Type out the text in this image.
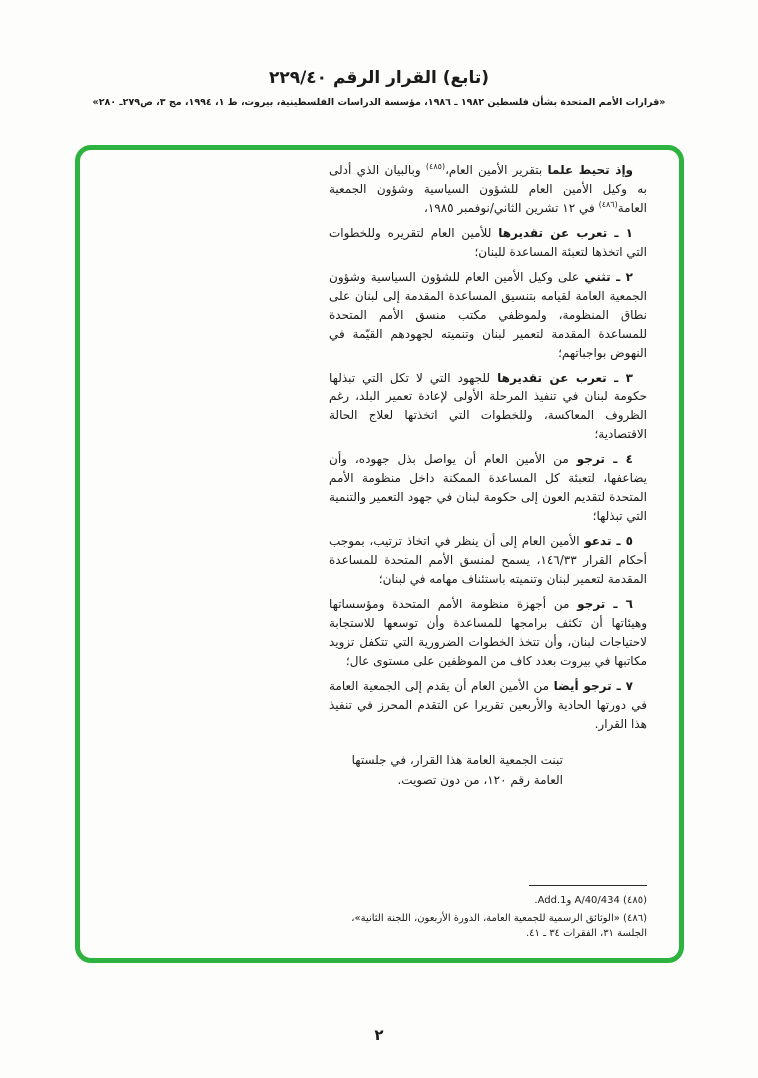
(تابع) القرار الرقم ٢٢٩/٤٠
«قرارات الأمم المتحدة بشأن فلسطين ١٩٨٢ ـ ١٩٨٦، مؤسسة الدراسات الفلسطينية، بيروت، ط ١، ١٩٩٤، مج ٣، ص٢٧٩ـ ٢٨٠»

وإذ تحيط علما بتقرير الأمين العام،$^{(٤٨٥)}$ وبالبيان الذي أدلى به وكيل الأمين العام للشؤون السياسية وشؤون الجمعية العامة$^{(٤٨٦)}$ في ١٢ تشرين الثاني/نوفمبر ١٩٨٥،

١ ـ تعرب عن تقديرها للأمين العام لتقريره وللخطوات التي اتخذها لتعبئة المساعدة للبنان؛

٢ ـ تثني على وكيل الأمين العام للشؤون السياسية وشؤون الجمعية العامة لقيامه بتنسيق المساعدة المقدمة إلى لبنان على نطاق المنظومة، ولموظفي مكتب منسق الأمم المتحدة للمساعدة المقدمة لتعمير لبنان وتنميته لجهودهم القيّمة في النهوض بواجباتهم؛

٣ ـ تعرب عن تقديرها للجهود التي لا تكل التي تبذلها حكومة لبنان في تنفيذ المرحلة الأولى لإعادة تعمير البلد، رغم الظروف المعاكسة، وللخطوات التي اتخذتها لعلاج الحالة الاقتصادية؛

٤ ـ ترجو من الأمين العام أن يواصل بذل جهوده، وأن يضاعفها، لتعبئة كل المساعدة الممكنة داخل منظومة الأمم المتحدة لتقديم العون إلى حكومة لبنان في جهود التعمير والتنمية التي تبذلها؛

٥ ـ تدعو الأمين العام إلى أن ينظر في اتخاذ ترتيب، بموجب أحكام القرار ١٤٦/٣٣، يسمح لمنسق الأمم المتحدة للمساعدة المقدمة لتعمير لبنان وتنميته باستئناف مهامه في لبنان؛

٦ ـ ترجو من أجهزة منظومة الأمم المتحدة ومؤسساتها وهيئاتها أن تكثف برامجها للمساعدة وأن توسعها للاستجابة لاحتياجات لبنان، وأن تتخذ الخطوات الضرورية التي تتكفل تزويد مكاتبها في بيروت بعدد كاف من الموظفين على مستوى عال؛

٧ ـ ترجو أيضا من الأمين العام أن يقدم إلى الجمعية العامة في دورتها الحادية والأربعين تقريرا عن التقدم المحرز في تنفيذ هذا القرار.

تبنت الجمعية العامة هذا القرار، في جلستها العامة رقم ١٢٠، من دون تصويت.
(٤٨٥) A/40/434 وAdd.1.
(٤٨٦) «الوثائق الرسمية للجمعية العامة، الدورة الأربعون، اللجنة الثانية»، الجلسة ٣١، الفقرات ٣٤ ـ ٤١.
٢
